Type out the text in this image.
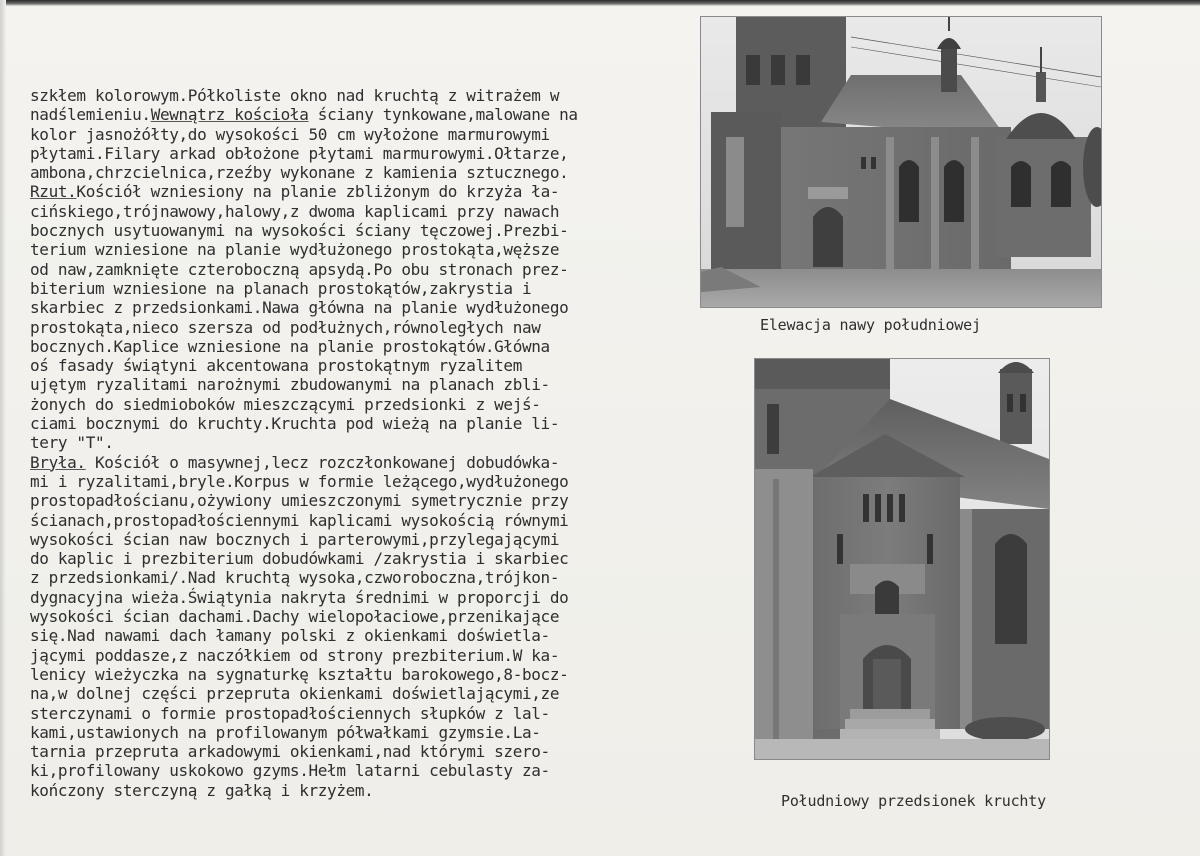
szkłem kolorowym.Półkoliste okno nad kruchtą z witrażem w
nadślemieniu.Wewnątrz kościoła ściany tynkowane,malowane na
kolor jasnożółty,do wysokości 50 cm wyłożone marmurowymi
płytami.Filary arkad obłożone płytami marmurowymi.Ołtarze,
ambona,chrzcielnica,rzeźby wykonane z kamienia sztucznego.
Rzut.Kościół wzniesiony na planie zbliżonym do krzyża ła-
cińskiego,trójnawowy,halowy,z dwoma kaplicami przy nawach
bocznych usytuowanymi na wysokości ściany tęczowej.Prezbi-
terium wzniesione na planie wydłużonego prostokąta,węższe
od naw,zamknięte czteroboczną apsydą.Po obu stronach prez-
biterium wzniesione na planach prostokątów,zakrystia i
skarbiec z przedsionkami.Nawa główna na planie wydłużonego
prostokąta,nieco szersza od podłużnych,równoległych naw
bocznych.Kaplice wzniesione na planie prostokątów.Główna
oś fasady świątyni akcentowana prostokątnym ryzalitem
ujętym ryzalitami narożnymi zbudowanymi na planach zbli-
żonych do siedmioboków mieszczącymi przedsionki z wejś-
ciami bocznymi do kruchty.Kruchta pod wieżą na planie li-
tery "T".
Bryła. Kościół o masywnej,lecz rozczłonkowanej dobudówka-
mi i ryzalitami,bryle.Korpus w formie leżącego,wydłużonego
prostopadłościanu,ożywiony umieszczonymi symetrycznie przy
ścianach,prostopadłościennymi kaplicami wysokością równymi
wysokości ścian naw bocznych i parterowymi,przylegającymi
do kaplic i prezbiterium dobudówkami /zakrystia i skarbiec
z przedsionkami/.Nad kruchtą wysoka,czworoboczna,trójkon-
dygnacyjna wieża.Świątynia nakryta średnimi w proporcji do
wysokości ścian dachami.Dachy wielopołaciowe,przenikające
się.Nad nawami dach łamany polski z okienkami doświetla-
jącymi poddasze,z naczółkiem od strony prezbiterium.W ka-
lenicy wieżyczka na sygnaturkę kształtu barokowego,8-bocz-
na,w dolnej części przepruta okienkami doświetlającymi,ze
sterczynami o formie prostopadłościennych słupków z lal-
kami,ustawionych na profilowanym półwałkami gzymsie.La-
tarnia przepruta arkadowymi okienkami,nad którymi szero-
ki,profilowany uskokowo gzyms.Hełm latarni cebulasty za-
kończony sterczyną z gałką i krzyżem.
Elewacja nawy południowej
Południowy przedsionek kruchty
